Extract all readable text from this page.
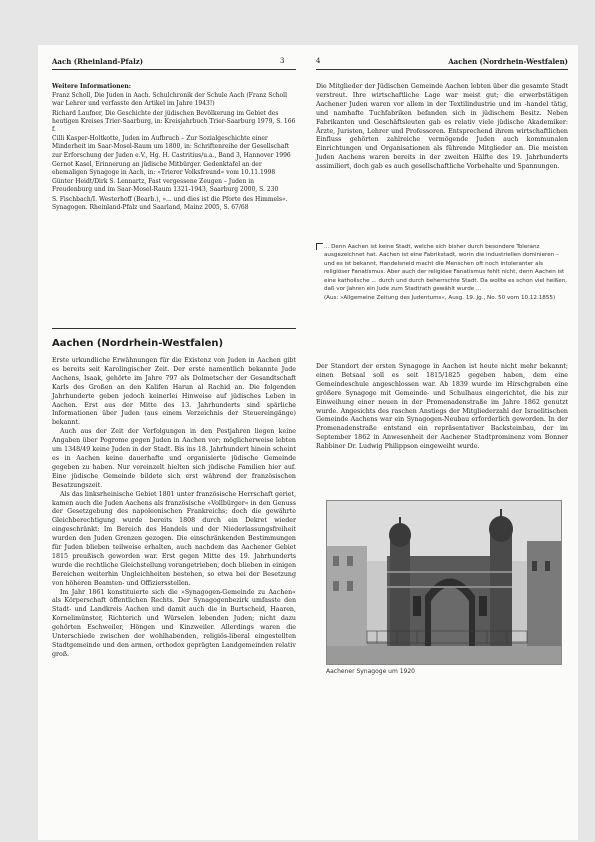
Aach (Rheinland-Pfalz)	3
Weitere Informationen:
Franz Scholl, Die Juden in Aach. Schulchronik der Schule Aach (Franz Scholl war Lehrer und verfasste den Artikel im Jahre 1943!)
Richard Laufner, Die Geschichte der jüdischen Bevölkerung im Gebiet des heutigen Kreises Trier-Saarburg, in: Kreisjahrbuch Trier-Saarburg 1979, S. 166 f.
Cilli Kasper-Holtkotte, Juden im Aufbruch – Zur Sozialgeschichte einer Minderheit im Saar-Mosel-Raum um 1800, in: Schriftenreihe der Gesellschaft zur Erforschung der Juden e.V., Hg. H. Castritius/u.a., Band 3, Hannover 1996
Gernot Kasel, Erinnerung an jüdische Mitbürger. Gedenktafel an der ehemaligen Synagoge in Aach, in: »Trierer Volksfreund« vom 10.11.1998
Günter Heidt/Dirk S. Lennartz, Fast vergessene Zeugen – Juden in Freudenburg und im Saar-Mosel-Raum 1321-1943, Saarburg 2000, S. 230
S. Fischbach/I. Westerhoff (Bearb.), »... und dies ist die Pforte des Himmels«. Synagogen. Rheinland-Pfalz und Saarland, Mainz 2005, S. 67/68
Aachen (Nordrhein-Westfalen)

Erste urkundliche Erwähnungen für die Existenz von Juden in Aachen gibt es bereits seit Karolingischer Zeit. Der erste namentlich bekannte Jude Aachens, Isaak, gehörte im Jahre 797 als Dolmetscher der Gesandtschaft Karls des Großen an den Kalifen Harun al Rachid an. Die folgenden Jahrhunderte geben jedoch keinerlei Hinweise auf jüdisches Leben in Aachen. Erst aus der Mitte des 13. Jahrhunderts sind spärliche Informationen über Juden (aus einem Verzeichnis der Steuereingänge) bekannt.

Auch aus der Zeit der Verfolgungen in den Pestjahren liegen keine Angaben über Pogrome gegen Juden in Aachen vor; möglicherweise lebten um 1348/49 keine Juden in der Stadt. Bis ins 18. Jahrhundert hinein scheint es in Aachen keine dauerhafte und organisierte jüdische Gemeinde gegeben zu haben. Nur vereinzelt hielten sich jüdische Familien hier auf. Eine jüdische Gemeinde bildete sich erst während der französischen Besatzungszeit.

Als das linksrheinische Gebiet 1801 unter französische Herrschaft geriet, kamen auch die Juden Aachens als französische »Vollbürger« in den Genuss der Gesetzgebung des napoleonischen Frankreichs; doch die gewährte Gleichberechtigung wurde bereits 1808 durch ein Dekret wieder eingeschränkt: Im Bereich des Handels und der Niederlassungsfreiheit wurden den Juden Grenzen gezogen. Die einschränkenden Bestimmungen für Juden blieben teilweise erhalten, auch nachdem das Aachener Gebiet 1815 preußisch geworden war. Erst gegen Mitte des 19. Jahrhunderts wurde die rechtliche Gleichstellung vorangetrieben, doch blieben in einigen Bereichen weiterhin Ungleichheiten bestehen, so etwa bei der Besetzung von höheren Beamten- und Offiziersstellen.

Im Jahr 1861 konstituierte sich die »Synagogen-Gemeinde zu Aachen« als Körperschaft öffentlichen Rechts. Der Synagogenbezirk umfasste den Stadt- und Landkreis Aachen und damit auch die in Burtscheid, Haaren, Kornelimünster, Richterich und Würselen lebenden Juden; nicht dazu gehörten Eschweiler, Höngen und Kinzweiler. Allerdings waren die Unterschiede zwischen der wohlhabenden, religiös-liberal eingestellten Stadtgemeinde und den armen, orthodox geprägten Landgemeinden relativ groß.

4	Aachen (Nordrhein-Westfalen)

Die Mitglieder der Jüdischen Gemeinde Aachen lebten über die gesamte Stadt verstreut. Ihre wirtschaftliche Lage war meist gut; die erwerbstätigen Aachener Juden waren vor allem in der Textilindustrie und im -handel tätig, und namhafte Tuchfabriken befanden sich in jüdischem Besitz. Neben Fabrikanten und Geschäftsleuten gab es relativ viele jüdische Akademiker: Ärzte, Juristen, Lehrer und Professoren. Entsprechend ihrem wirtschaftlichen Einfluss gehörten zahlreiche vermögende Juden auch kommunalen Einrichtungen und Organisationen als führende Mitglieder an. Die meisten Juden Aachens waren bereits in der zweiten Hälfte des 19. Jahrhunderts assimiliert, doch gab es auch gesellschaftliche Vorbehalte und Spannungen.

... Denn Aachen ist keine Stadt, welche sich bisher durch besondere Toleranz ausgezeichnet hat. Aachen ist eine Fabrikstadt, worin die industriellen dominieren – und es ist bekannt, Handelsneid macht die Menschen oft noch intoleranter als religiöser Fanatismus. Aber auch der religiöse Fanatismus fehlt nicht, denn Aachen ist eine katholische ... durch und durch beherrschte Stadt. Da wollte es schon viel heißen, daß vor Jahren ein Jude zum Stadtrath gewählt wurde ...
(Aus: »Allgemeine Zeitung des Judentums«, Ausg. 19. Jg., No. 50 vom 10.12.1855)

Der Standort der ersten Synagoge in Aachen ist heute nicht mehr bekannt; einen Betsaal soll es seit 1815/1825 gegeben haben, dem eine Gemeindeschule angeschlossen war. Ab 1839 wurde im Hirschgraben eine größere Synagoge mit Gemeinde- und Schulhaus eingerichtet, die bis zur Einweihung einer neuen in der Promenadenstraße im Jahre 1862 genutzt wurde. Angesichts des raschen Anstiegs der Mitgliederzahl der Israelitischen Gemeinde Aachens war ein Synagogen-Neubau erforderlich geworden. In der Promenadenstraße entstand ein repräsentativer Backsteinbau, der im September 1862 in Anwesenheit der Aachener Stadtprominenz vom Bonner Rabbiner Dr. Ludwig Philippson eingeweiht wurde.

Aachener Synagoge um 1920
